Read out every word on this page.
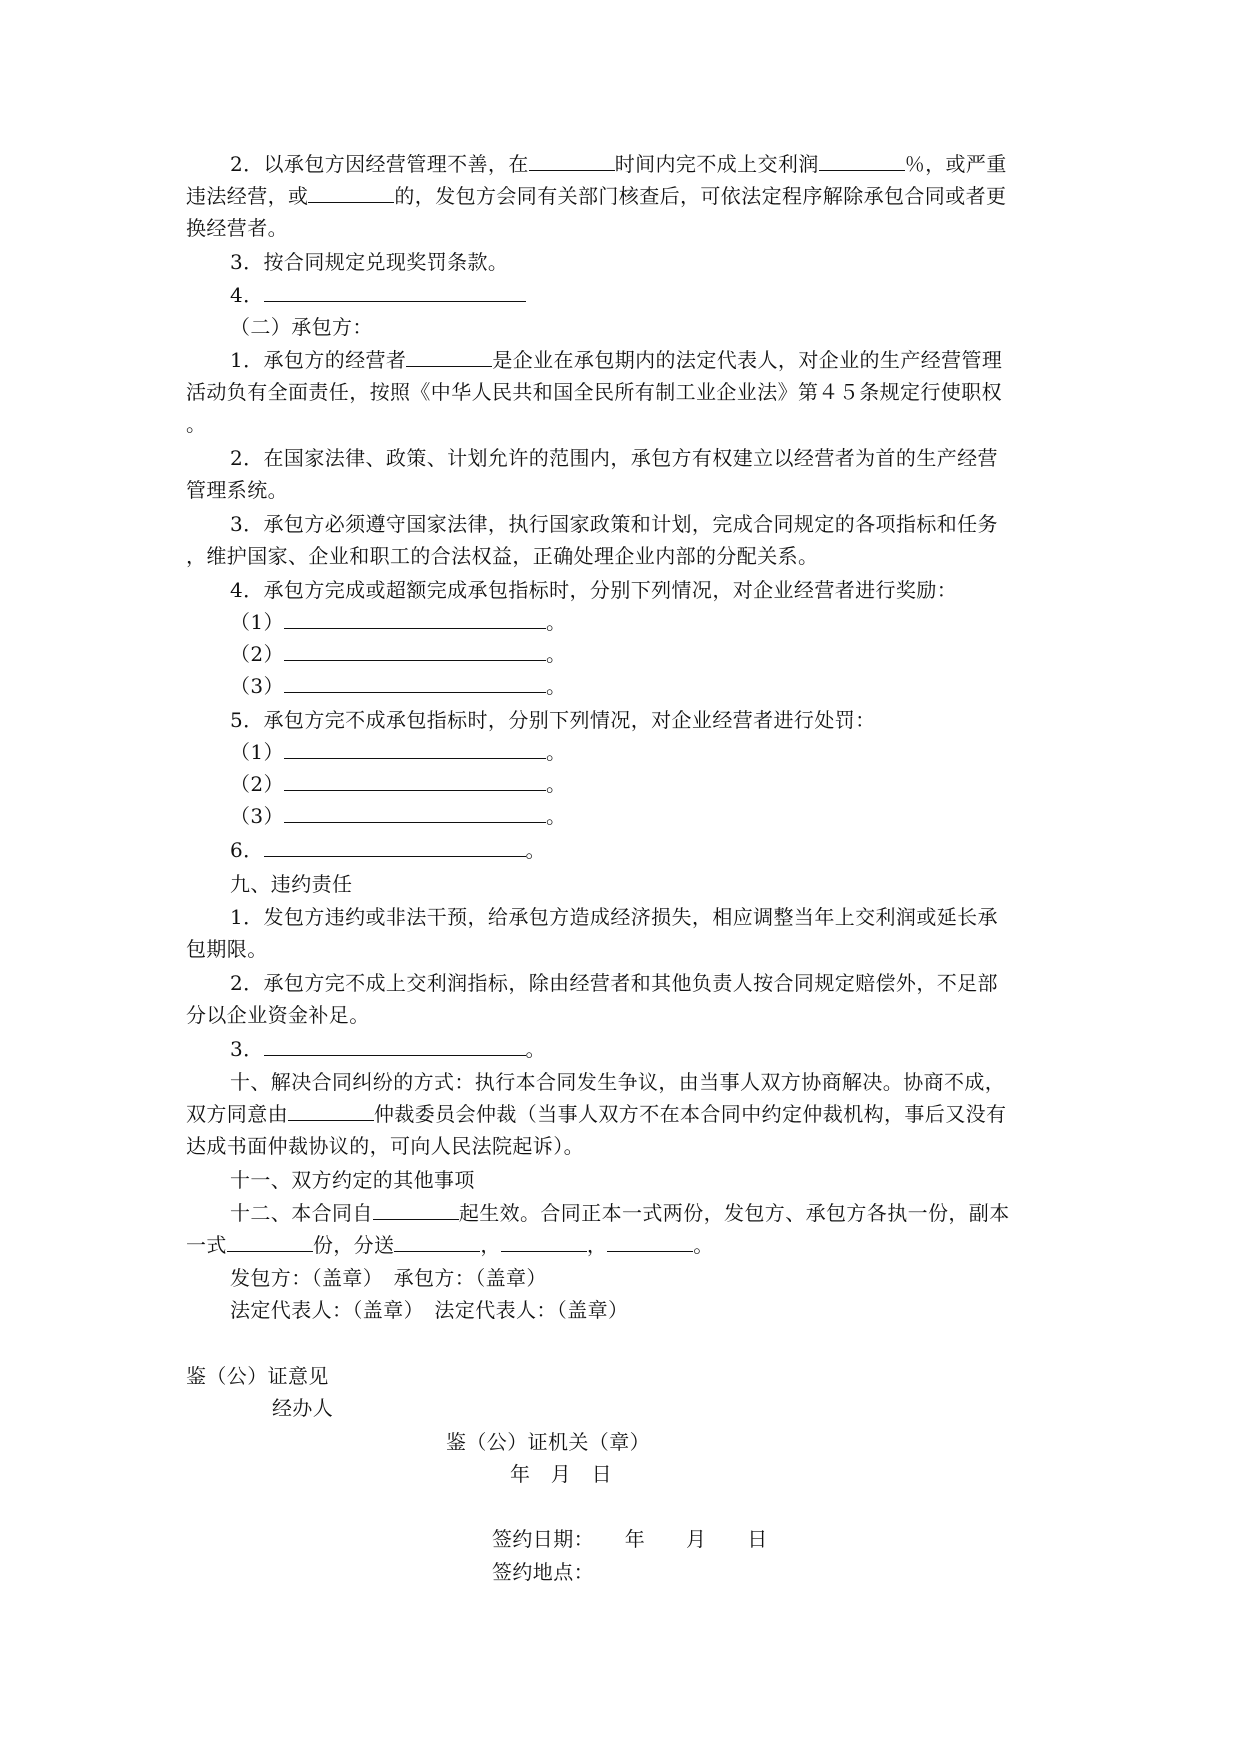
2．以承包方因经营管理不善，在	时间内完不成上交利润	％，或严重
违法经营，或	的，发包方会同有关部门核查后，可依法定程序解除承包合同或者更
换经营者。
3．按合同规定兑现奖罚条款。
4．
（二）承包方：
1．承包方的经营者	是企业在承包期内的法定代表人，对企业的生产经营管理
活动负有全面责任，按照《中华人民共和国全民所有制工业企业法》第４５条规定行使职权
。
2．在国家法律、政策、计划允许的范围内，承包方有权建立以经营者为首的生产经营
管理系统。
3．承包方必须遵守国家法律，执行国家政策和计划，完成合同规定的各项指标和任务
，维护国家、企业和职工的合法权益，正确处理企业内部的分配关系。
4．承包方完成或超额完成承包指标时，分别下列情况，对企业经营者进行奖励：
（1）	。
（2）	。
（3）	。
5．承包方完不成承包指标时，分别下列情况，对企业经营者进行处罚：
（1）	。
（2）	。
（3）	。
6．	。
九、违约责任
1．发包方违约或非法干预，给承包方造成经济损失，相应调整当年上交利润或延长承
包期限。
2．承包方完不成上交利润指标，除由经营者和其他负责人按合同规定赔偿外，不足部
分以企业资金补足。
3．	。
十、解决合同纠纷的方式：执行本合同发生争议，由当事人双方协商解决。协商不成，
双方同意由	仲裁委员会仲裁（当事人双方不在本合同中约定仲裁机构，事后又没有
达成书面仲裁协议的，可向人民法院起诉）。
十一、双方约定的其他事项
十二、本合同自	起生效。合同正本一式两份，发包方、承包方各执一份，副本
一式	份，分送	，	，	。
发包方：（盖章）　承包方：（盖章）
法定代表人：（盖章）　法定代表人：（盖章）
鉴（公）证意见
经办人
鉴（公）证机关（章）
年　月　日
签约日期：　　年　　月　　日
签约地点：
